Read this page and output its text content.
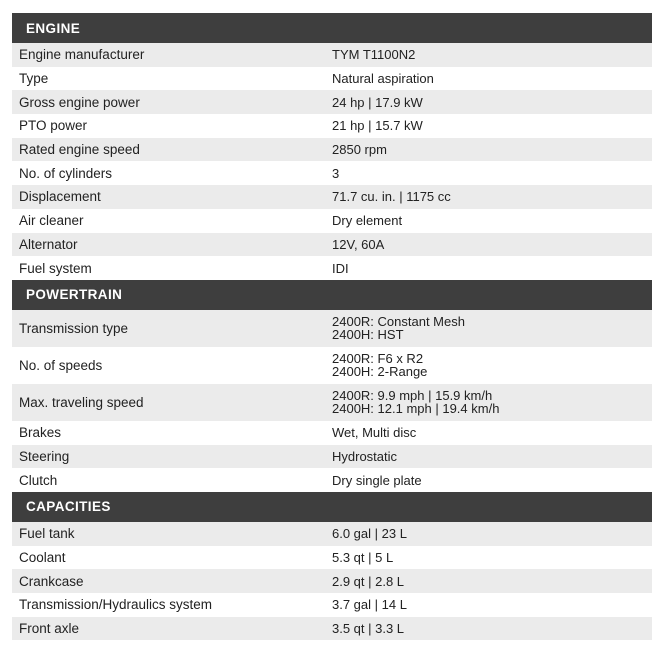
ENGINE
Engine manufacturer	TYM T1100N2
Type	Natural aspiration
Gross engine power	24 hp | 17.9 kW
PTO power	21 hp | 15.7 kW
Rated engine speed	2850 rpm
No. of cylinders	3
Displacement	71.7 cu. in. | 1175 cc
Air cleaner	Dry element
Alternator	12V, 60A
Fuel system	IDI
POWERTRAIN
Transmission type	2400R: Constant Mesh
2400H: HST
No. of speeds	2400R: F6 x R2
2400H: 2-Range
Max. traveling speed	2400R: 9.9 mph | 15.9 km/h
2400H: 12.1 mph | 19.4 km/h
Brakes	Wet, Multi disc
Steering	Hydrostatic
Clutch	Dry single plate
CAPACITIES
Fuel tank	6.0 gal | 23 L
Coolant	5.3 qt | 5 L
Crankcase	2.9 qt | 2.8 L
Transmission/Hydraulics system	3.7 gal | 14 L
Front axle	3.5 qt | 3.3 L
